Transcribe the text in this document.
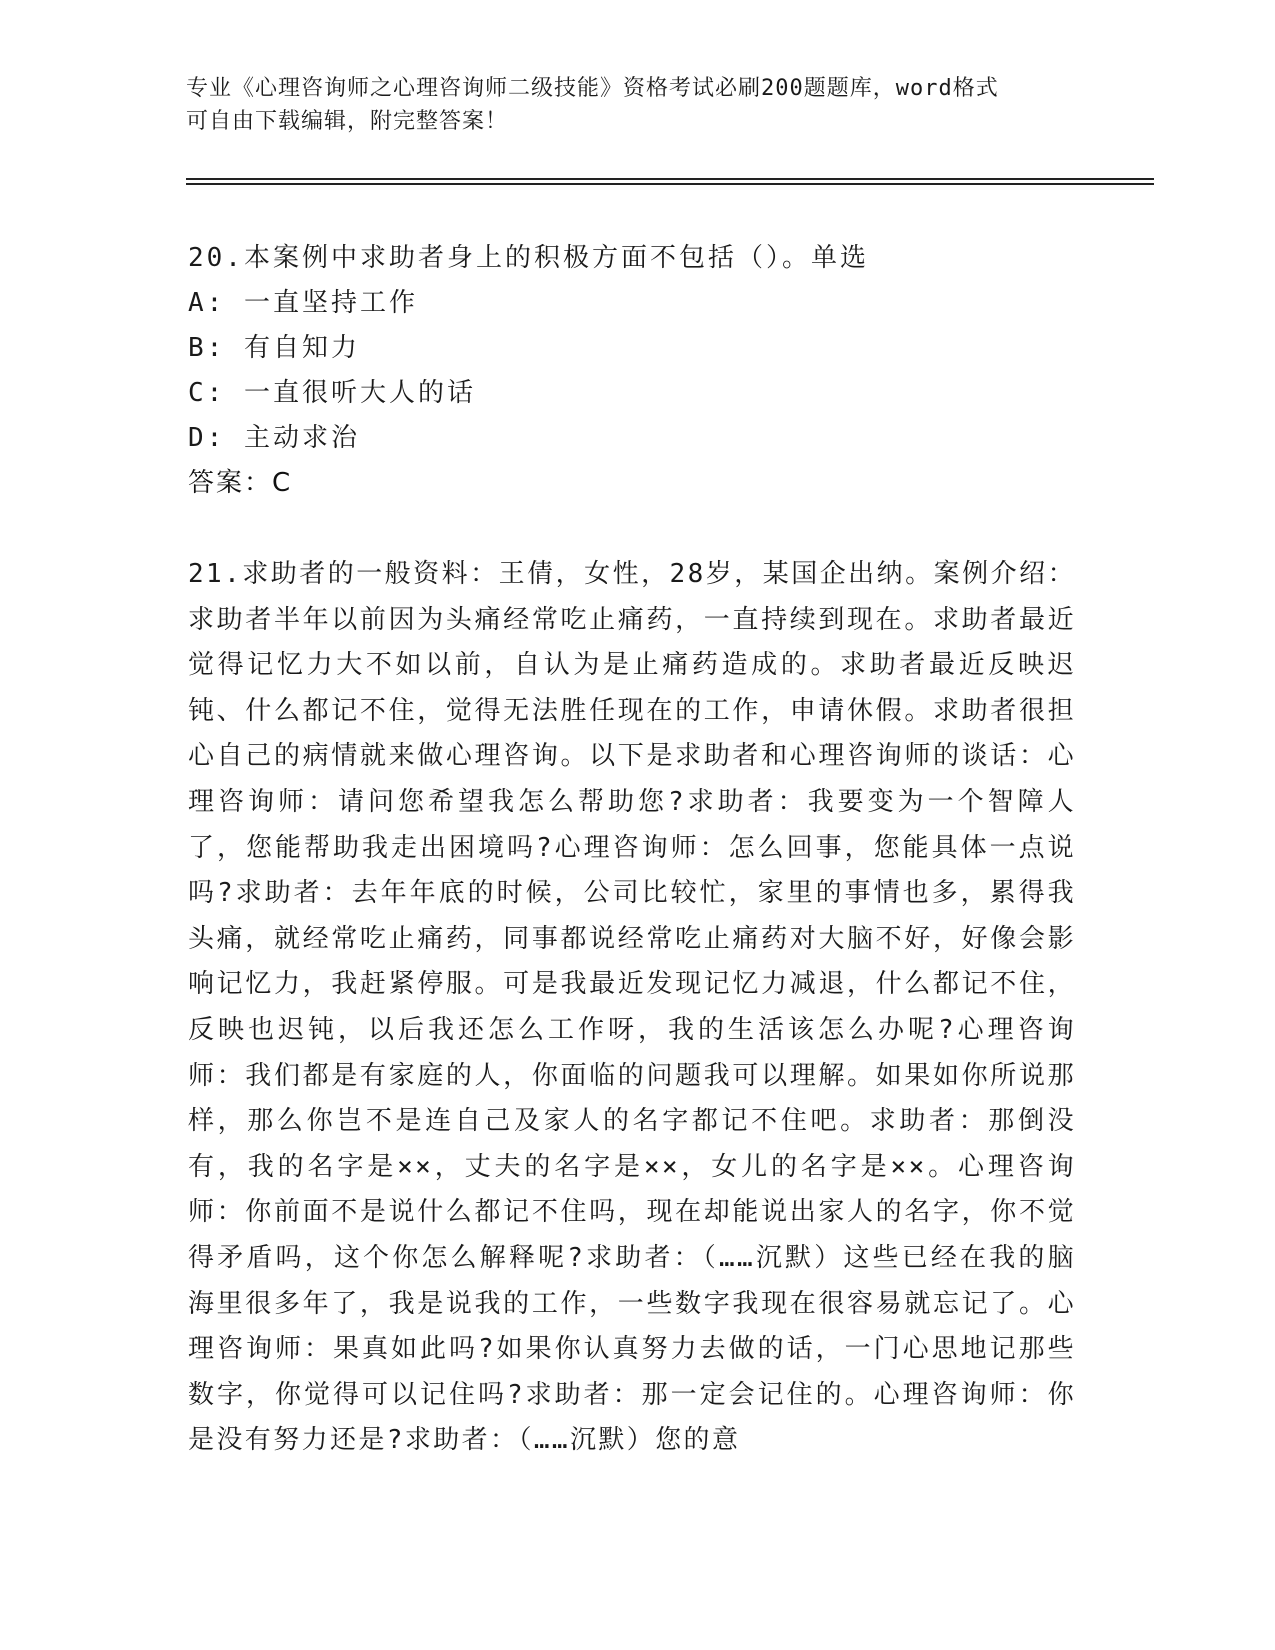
专业《心理咨询师之心理咨询师二级技能》资格考试必刷200题题库，word格式
可自由下载编辑，附完整答案！
20.本案例中求助者身上的积极方面不包括（）。单选
A: 一直坚持工作
B: 有自知力
C: 一直很听大人的话
D: 主动求治
答案：C

21.求助者的一般资料：王倩，女性，28岁，某国企出纳。案例介绍：求助者半年以前因为头痛经常吃止痛药，一直持续到现在。求助者最近觉得记忆力大不如以前，自认为是止痛药造成的。求助者最近反映迟钝、什么都记不住，觉得无法胜任现在的工作，申请休假。求助者很担心自己的病情就来做心理咨询。以下是求助者和心理咨询师的谈话：心理咨询师：请问您希望我怎么帮助您?求助者：我要变为一个智障人了，您能帮助我走出困境吗?心理咨询师：怎么回事，您能具体一点说吗?求助者：去年年底的时候，公司比较忙，家里的事情也多，累得我头痛，就经常吃止痛药，同事都说经常吃止痛药对大脑不好，好像会影响记忆力，我赶紧停服。可是我最近发现记忆力减退，什么都记不住，反映也迟钝，以后我还怎么工作呀，我的生活该怎么办呢?心理咨询师：我们都是有家庭的人，你面临的问题我可以理解。如果如你所说那样，那么你岂不是连自己及家人的名字都记不住吧。求助者：那倒没有，我的名字是××，丈夫的名字是××，女儿的名字是××。心理咨询师：你前面不是说什么都记不住吗，现在却能说出家人的名字，你不觉得矛盾吗，这个你怎么解释呢?求助者：（……沉默）这些已经在我的脑海里很多年了，我是说我的工作，一些数字我现在很容易就忘记了。心理咨询师：果真如此吗?如果你认真努力去做的话，一门心思地记那些数字，你觉得可以记住吗?求助者：那一定会记住的。心理咨询师：你是没有努力还是?求助者：（……沉默）您的意
